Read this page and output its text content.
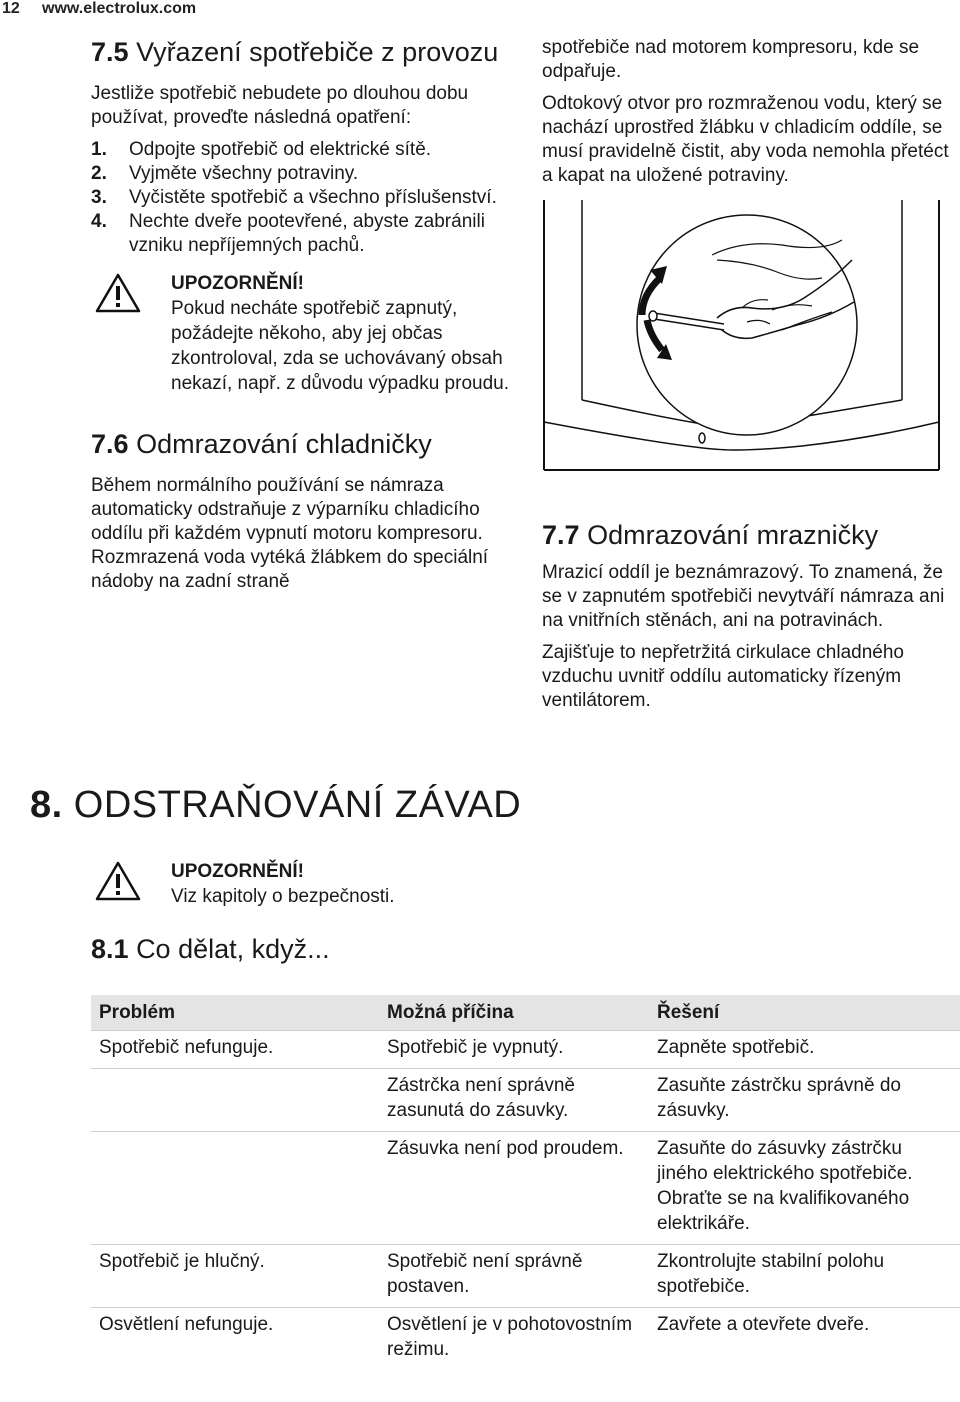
12 www.electrolux.com
7.5 Vyřazení spotřebiče z provozu

Jestliže spotřebič nebudete po dlouhou dobu používat, proveďte následná opatření:

1. Odpojte spotřebič od elektrické sítě.
2. Vyjměte všechny potraviny.
3. Vyčistěte spotřebič a všechno příslušenství.
4. Nechte dveře pootevřené, abyste zabránili vzniku nepříjemných pachů.
UPOZORNĚNÍ!
Pokud necháte spotřebič zapnutý, požádejte někoho, aby jej občas zkontroloval, zda se uchovávaný obsah nekazí, např. z důvodu výpadku proudu.
7.6 Odmrazování chladničky

Během normálního používání se námraza automaticky odstraňuje z výparníku chladicího oddílu při každém vypnutí motoru kompresoru. Rozmrazená voda vytéká žlábkem do speciální nádoby na zadní straně

spotřebiče nad motorem kompresoru, kde se odpařuje.

Odtokový otvor pro rozmraženou vodu, který se nachází uprostřed žlábku v chladicím oddíle, se musí pravidelně čistit, aby voda nemohla přetéct a kapat na uložené potraviny.

7.7 Odmrazování mrazničky

Mrazicí oddíl je beznámrazový. To znamená, že se v zapnutém spotřebiči nevytváří námraza ani na vnitřních stěnách, ani na potravinách.

Zajišťuje to nepřetržitá cirkulace chladného vzduchu uvnitř oddílu automaticky řízeným ventilátorem.

8. ODSTRAŇOVÁNÍ ZÁVAD
UPOZORNĚNÍ!
Viz kapitoly o bezpečnosti.
8.1 Co dělat, když...
Problém	Možná příčina	Řešení
Spotřebič nefunguje.	Spotřebič je vypnutý.	Zapněte spotřebič.
	Zástrčka není správně zasunutá do zásuvky.	Zasuňte zástrčku správně do zásuvky.
	Zásuvka není pod proudem.	Zasuňte do zásuvky zástrčku jiného elektrického spotřebiče. Obraťte se na kvalifikovaného elektrikáře.
Spotřebič je hlučný.	Spotřebič není správně postaven.	Zkontrolujte stabilní polohu spotřebiče.
Osvětlení nefunguje.	Osvětlení je v pohotovostním režimu.	Zavřete a otevřete dveře.
